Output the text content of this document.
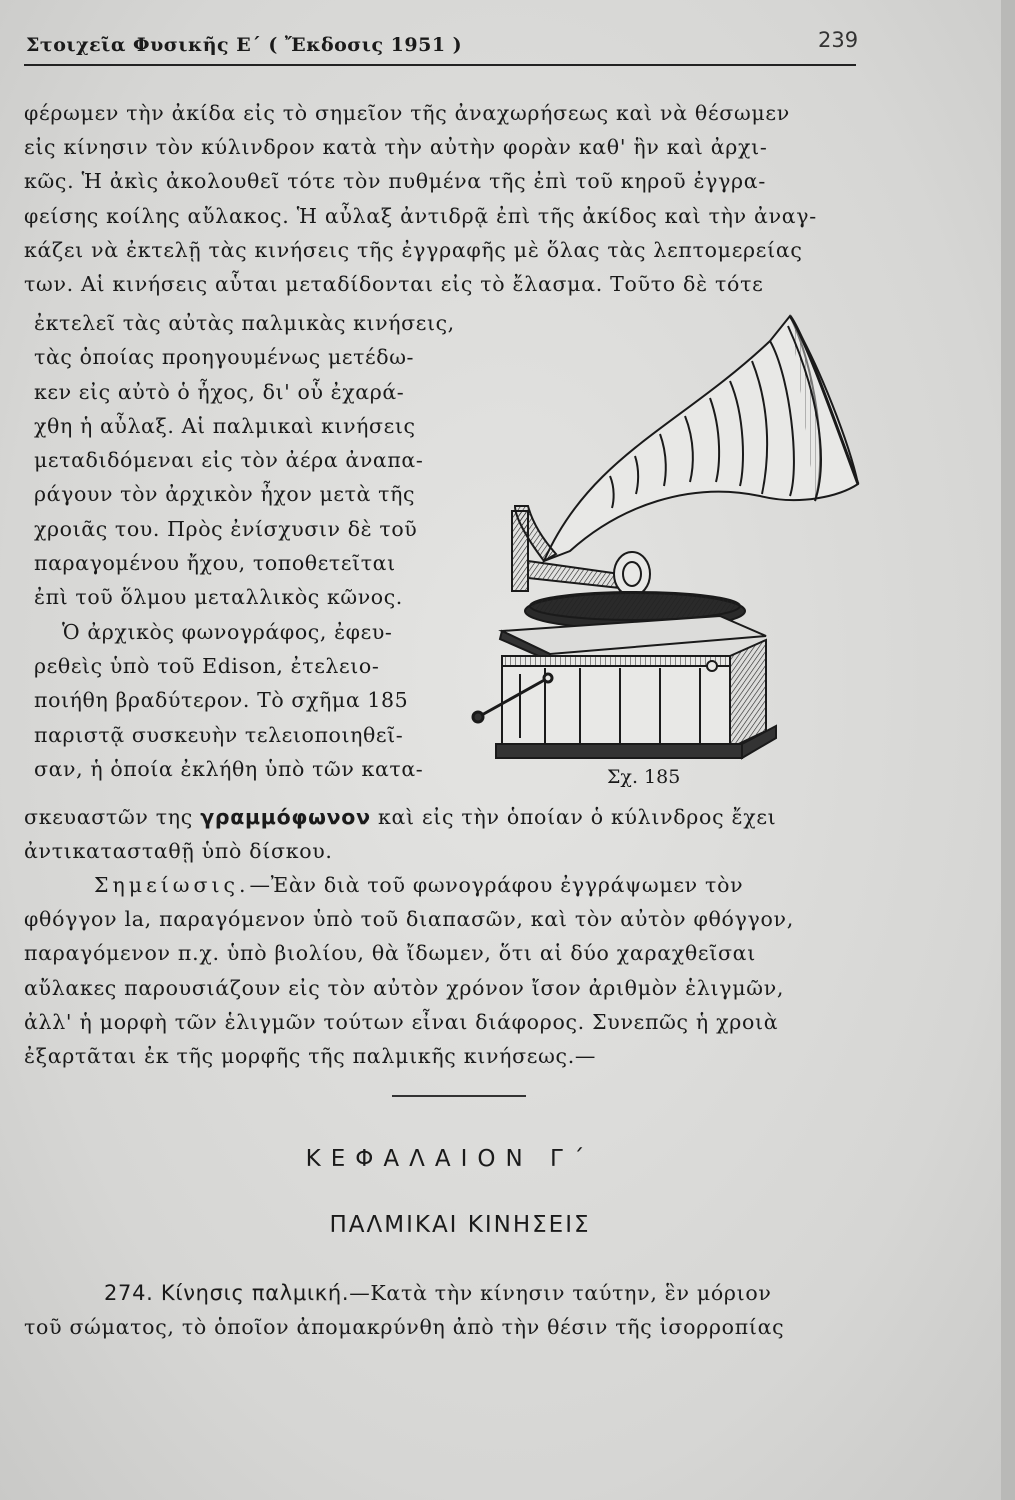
Στοιχεῖα Φυσικῆς Ε΄ ( Ἔκδοσις 1951 )	239

φέρωμεν τὴν ἀκίδα εἰς τὸ σημεῖον τῆς ἀναχωρήσεως καὶ νὰ θέσωμεν
εἰς κίνησιν τὸν κύλινδρον κατὰ τὴν αὐτὴν φορὰν καθ' ἣν καὶ ἀρχι-
κῶς. Ἡ ἀκὶς ἀκολουθεῖ τότε τὸν πυθμένα τῆς ἐπὶ τοῦ κηροῦ ἐγγρα-
φείσης κοίλης αὔλακος. Ἡ αὖλαξ ἀντιδρᾷ ἐπὶ τῆς ἀκίδος καὶ τὴν ἀναγ-
κάζει νὰ ἐκτελῇ τὰς κινήσεις τῆς ἐγγραφῆς μὲ ὅλας τὰς λεπτομερείας
των. Αἱ κινήσεις αὗται μεταδίδονται εἰς τὸ ἔλασμα. Τοῦτο δὲ τότε

ἐκτελεῖ τὰς αὐτὰς παλμικὰς κινήσεις,
τὰς ὁποίας προηγουμένως μετέδω-
κεν εἰς αὐτὸ ὁ ἦχος, δι' οὗ ἐχαρά-
χθη ἡ αὖλαξ. Αἱ παλμικαὶ κινήσεις
μεταδιδόμεναι εἰς τὸν ἀέρα ἀναπα-
ράγουν τὸν ἀρχικὸν ἦχον μετὰ τῆς
χροιᾶς του. Πρὸς ἐνίσχυσιν δὲ τοῦ
παραγομένου ἤχου, τοποθετεῖται
ἐπὶ τοῦ ὅλμου μεταλλικὸς κῶνος.
Ὁ ἀρχικὸς φωνογράφος, ἐφευ-
ρεθεὶς ὑπὸ τοῦ Edison, ἐτελειο-
ποιήθη βραδύτερον. Τὸ σχῆμα 185
παριστᾷ συσκευὴν τελειοποιηθεῖ-
σαν, ἡ ὁποία ἐκλήθη ὑπὸ τῶν κατα-	Σχ. 185

σκευαστῶν της γραμμόφωνον καὶ εἰς τὴν ὁποίαν ὁ κύλινδρος ἔχει
ἀντικατασταθῇ ὑπὸ δίσκου.

Σημείωσις.—Ἐὰν διὰ τοῦ φωνογράφου ἐγγράψωμεν τὸν
φθόγγον la, παραγόμενον ὑπὸ τοῦ διαπασῶν, καὶ τὸν αὐτὸν φθόγγον,
παραγόμενον π.χ. ὑπὸ βιολίου, θὰ ἴδωμεν, ὅτι αἱ δύο χαραχθεῖσαι
αὔλακες παρουσιάζουν εἰς τὸν αὐτὸν χρόνον ἴσον ἀριθμὸν ἑλιγμῶν,
ἀλλ' ἡ μορφὴ τῶν ἑλιγμῶν τούτων εἶναι διάφορος. Συνεπῶς ἡ χροιὰ
ἐξαρτᾶται ἐκ τῆς μορφῆς τῆς παλμικῆς κινήσεως.—

ΚΕΦΑΛΑΙΟΝ Γ΄
ΠΑΛΜΙΚΑΙ ΚΙΝΗΣΕΙΣ

274. Κίνησις παλμική.—Κατὰ τὴν κίνησιν ταύτην, ἓν μόριον
τοῦ σώματος, τὸ ὁποῖον ἀπομακρύνθη ἀπὸ τὴν θέσιν τῆς ἰσορροπίας
